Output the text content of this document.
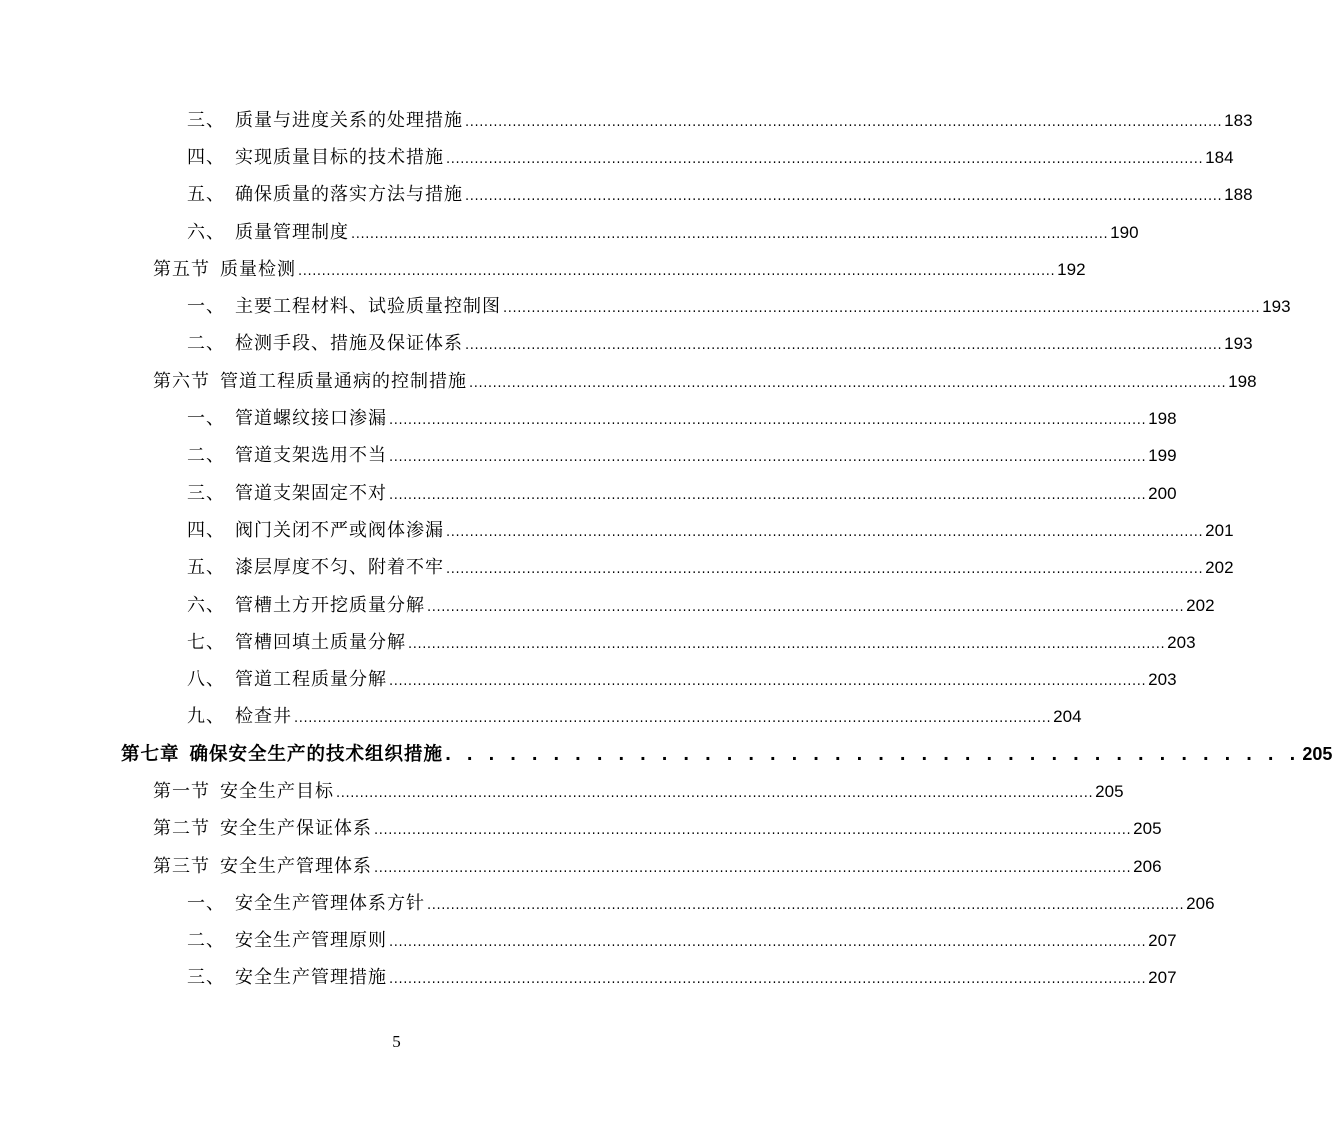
三、 质量与进度关系的处理措施 ................................................................................................................................................................ 183
四、 实现质量目标的技术措施 ................................................................................................................................................................ 184
五、 确保质量的落实方法与措施 ................................................................................................................................................................ 188
六、 质量管理制度 ................................................................................................................................................................ 190
第五节 质量检测 ................................................................................................................................................................ 192
一、 主要工程材料、试验质量控制图 ................................................................................................................................................................ 193
二、 检测手段、措施及保证体系 ................................................................................................................................................................ 193
第六节 管道工程质量通病的控制措施 ................................................................................................................................................................ 198
一、 管道螺纹接口渗漏 ................................................................................................................................................................ 198
二、 管道支架选用不当 ................................................................................................................................................................ 199
三、 管道支架固定不对 ................................................................................................................................................................ 200
四、 阀门关闭不严或阀体渗漏 ................................................................................................................................................................ 201
五、 漆层厚度不匀、附着不牢 ................................................................................................................................................................ 202
六、 管槽土方开挖质量分解 ................................................................................................................................................................ 202
七、 管槽回填土质量分解 ................................................................................................................................................................ 203
八、 管道工程质量分解 ................................................................................................................................................................ 203
九、 检查井 ................................................................................................................................................................ 204
第七章 确保安全生产的技术组织措施 . . . . . . . . . . . . . . . . . . . . . . . . . . . . . . . . . . . . . . . . 205
第一节 安全生产目标 ................................................................................................................................................................ 205
第二节 安全生产保证体系 ................................................................................................................................................................ 205
第三节 安全生产管理体系 ................................................................................................................................................................ 206
一、 安全生产管理体系方针 ................................................................................................................................................................ 206
二、 安全生产管理原则 ................................................................................................................................................................ 207
三、 安全生产管理措施 ................................................................................................................................................................ 207
5
